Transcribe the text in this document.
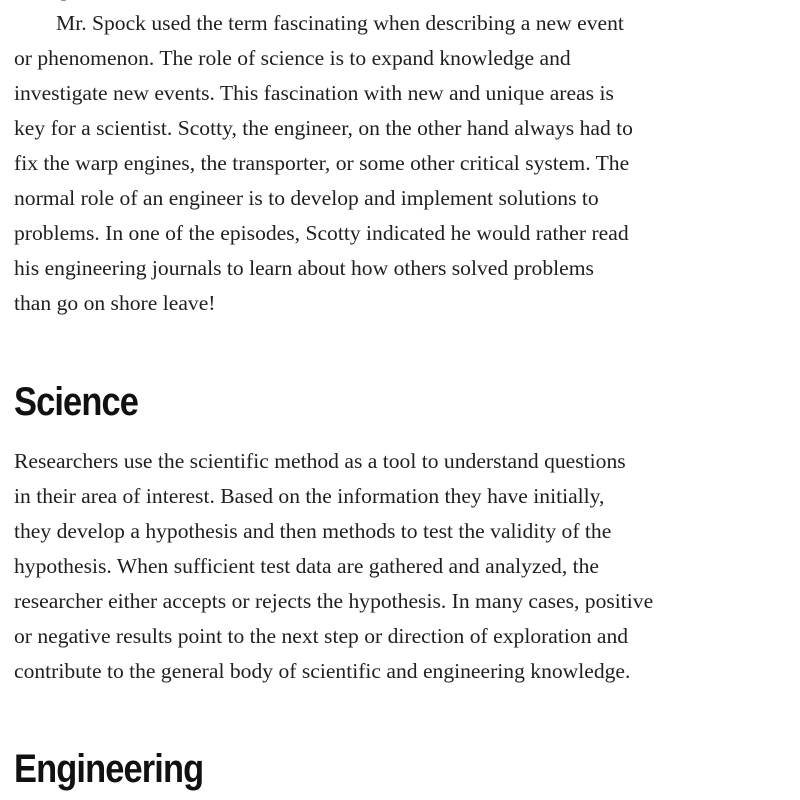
Mr. Spock used the term fascinating when describing a new event
or phenomenon. The role of science is to expand knowledge and
investigate new events. This fascination with new and unique areas is
key for a scientist. Scotty, the engineer, on the other hand always had to
fix the warp engines, the transporter, or some other critical system. The
normal role of an engineer is to develop and implement solutions to
problems. In one of the episodes, Scotty indicated he would rather read
his engineering journals to learn about how others solved problems
than go on shore leave!

Science

Researchers use the scientific method as a tool to understand questions
in their area of interest. Based on the information they have initially,
they develop a hypothesis and then methods to test the validity of the
hypothesis. When sufficient test data are gathered and analyzed, the
researcher either accepts or rejects the hypothesis. In many cases, positive
or negative results point to the next step or direction of exploration and
contribute to the general body of scientific and engineering knowledge.

Engineering
